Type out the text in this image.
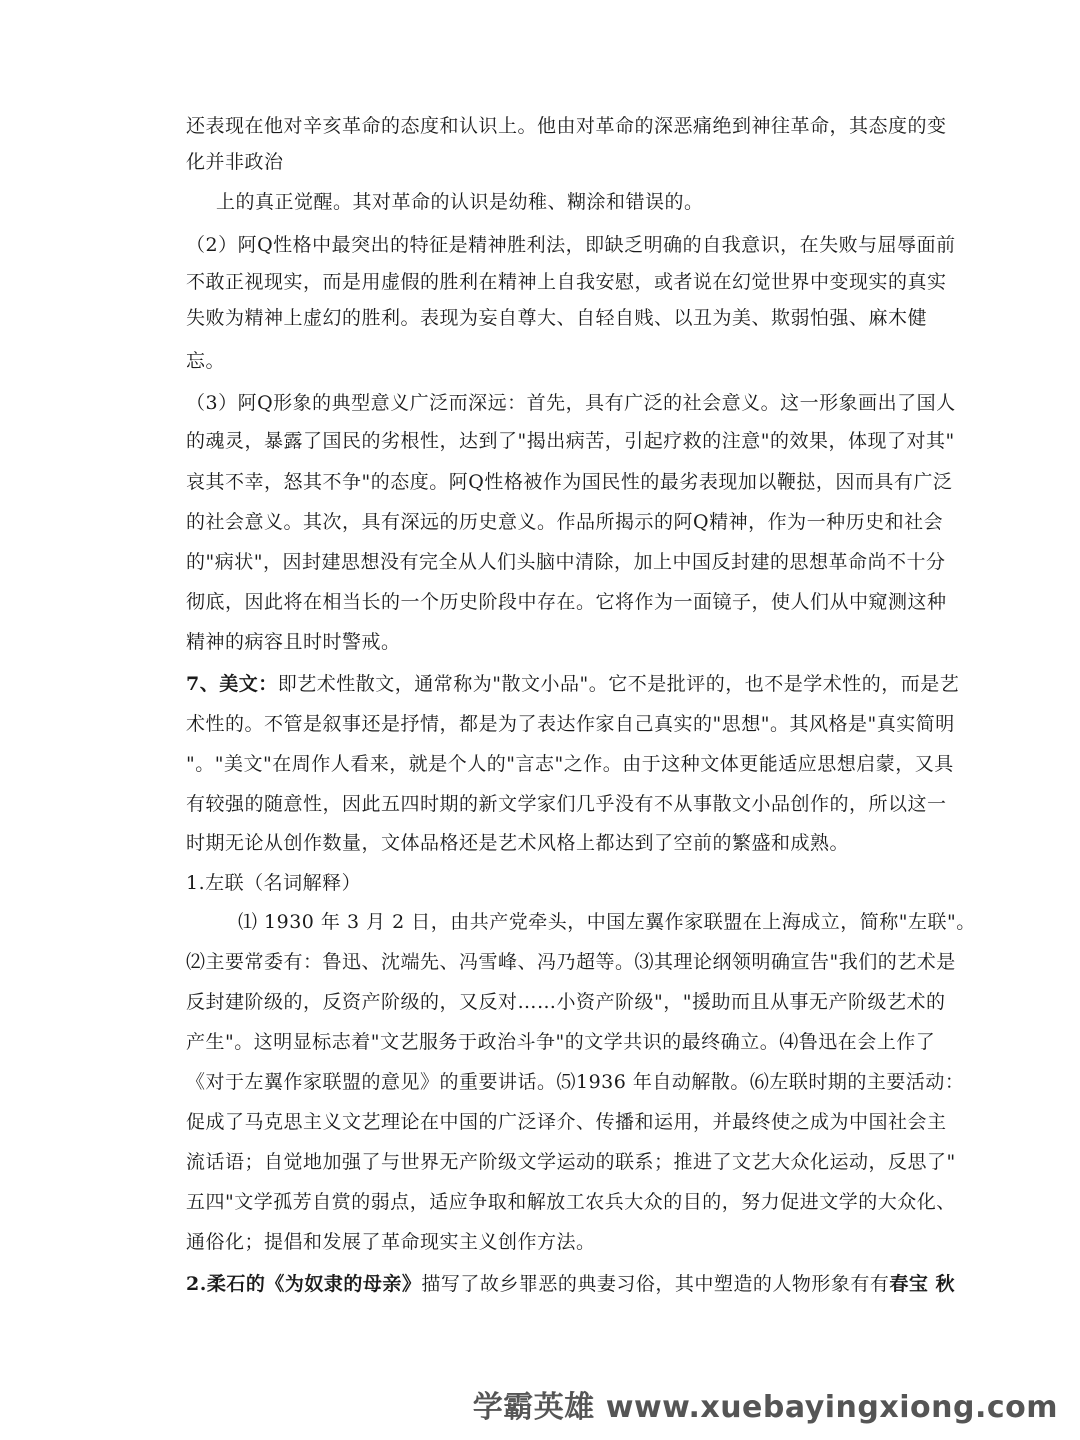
还表现在他对辛亥革命的态度和认识上。他由对革命的深恶痛绝到神往革命，其态度的变
化并非政治
上的真正觉醒。其对革命的认识是幼稚、糊涂和错误的。
（2）阿Q性格中最突出的特征是精神胜利法，即缺乏明确的自我意识，在失败与屈辱面前
不敢正视现实，而是用虚假的胜利在精神上自我安慰，或者说在幻觉世界中变现实的真实
失败为精神上虚幻的胜利。表现为妄自尊大、自轻自贱、以丑为美、欺弱怕强、麻木健
忘。
（3）阿Q形象的典型意义广泛而深远：首先，具有广泛的社会意义。这一形象画出了国人
的魂灵，暴露了国民的劣根性，达到了"揭出病苦，引起疗救的注意"的效果，体现了对其"
哀其不幸，怒其不争"的态度。阿Q性格被作为国民性的最劣表现加以鞭挞，因而具有广泛
的社会意义。其次，具有深远的历史意义。作品所揭示的阿Q精神，作为一种历史和社会
的"病状"，因封建思想没有完全从人们头脑中清除，加上中国反封建的思想革命尚不十分
彻底，因此将在相当长的一个历史阶段中存在。它将作为一面镜子，使人们从中窥测这种
精神的病容且时时警戒。
7、美文：即艺术性散文，通常称为"散文小品"。它不是批评的，也不是学术性的，而是艺
术性的。不管是叙事还是抒情，都是为了表达作家自己真实的"思想"。其风格是"真实简明
"。"美文"在周作人看来，就是个人的"言志"之作。由于这种文体更能适应思想启蒙，又具
有较强的随意性，因此五四时期的新文学家们几乎没有不从事散文小品创作的，所以这一
时期无论从创作数量，文体品格还是艺术风格上都达到了空前的繁盛和成熟。
1.左联（名词解释）
⑴ 1930 年 3 月 2 日，由共产党牵头，中国左翼作家联盟在上海成立，简称"左联"。
⑵主要常委有：鲁迅、沈端先、冯雪峰、冯乃超等。⑶其理论纲领明确宣告"我们的艺术是
反封建阶级的，反资产阶级的，又反对……小资产阶级"，"援助而且从事无产阶级艺术的
产生"。这明显标志着"文艺服务于政治斗争"的文学共识的最终确立。⑷鲁迅在会上作了
《对于左翼作家联盟的意见》的重要讲话。⑸1936 年自动解散。⑹左联时期的主要活动：
促成了马克思主义文艺理论在中国的广泛译介、传播和运用，并最终使之成为中国社会主
流话语；自觉地加强了与世界无产阶级文学运动的联系；推进了文艺大众化运动，反思了"
五四"文学孤芳自赏的弱点，适应争取和解放工农兵大众的目的，努力促进文学的大众化、
通俗化；提倡和发展了革命现实主义创作方法。
2.柔石的《为奴隶的母亲》描写了故乡罪恶的典妻习俗，其中塑造的人物形象有有春宝 秋
学霸英雄 www.xuebayingxiong.com
